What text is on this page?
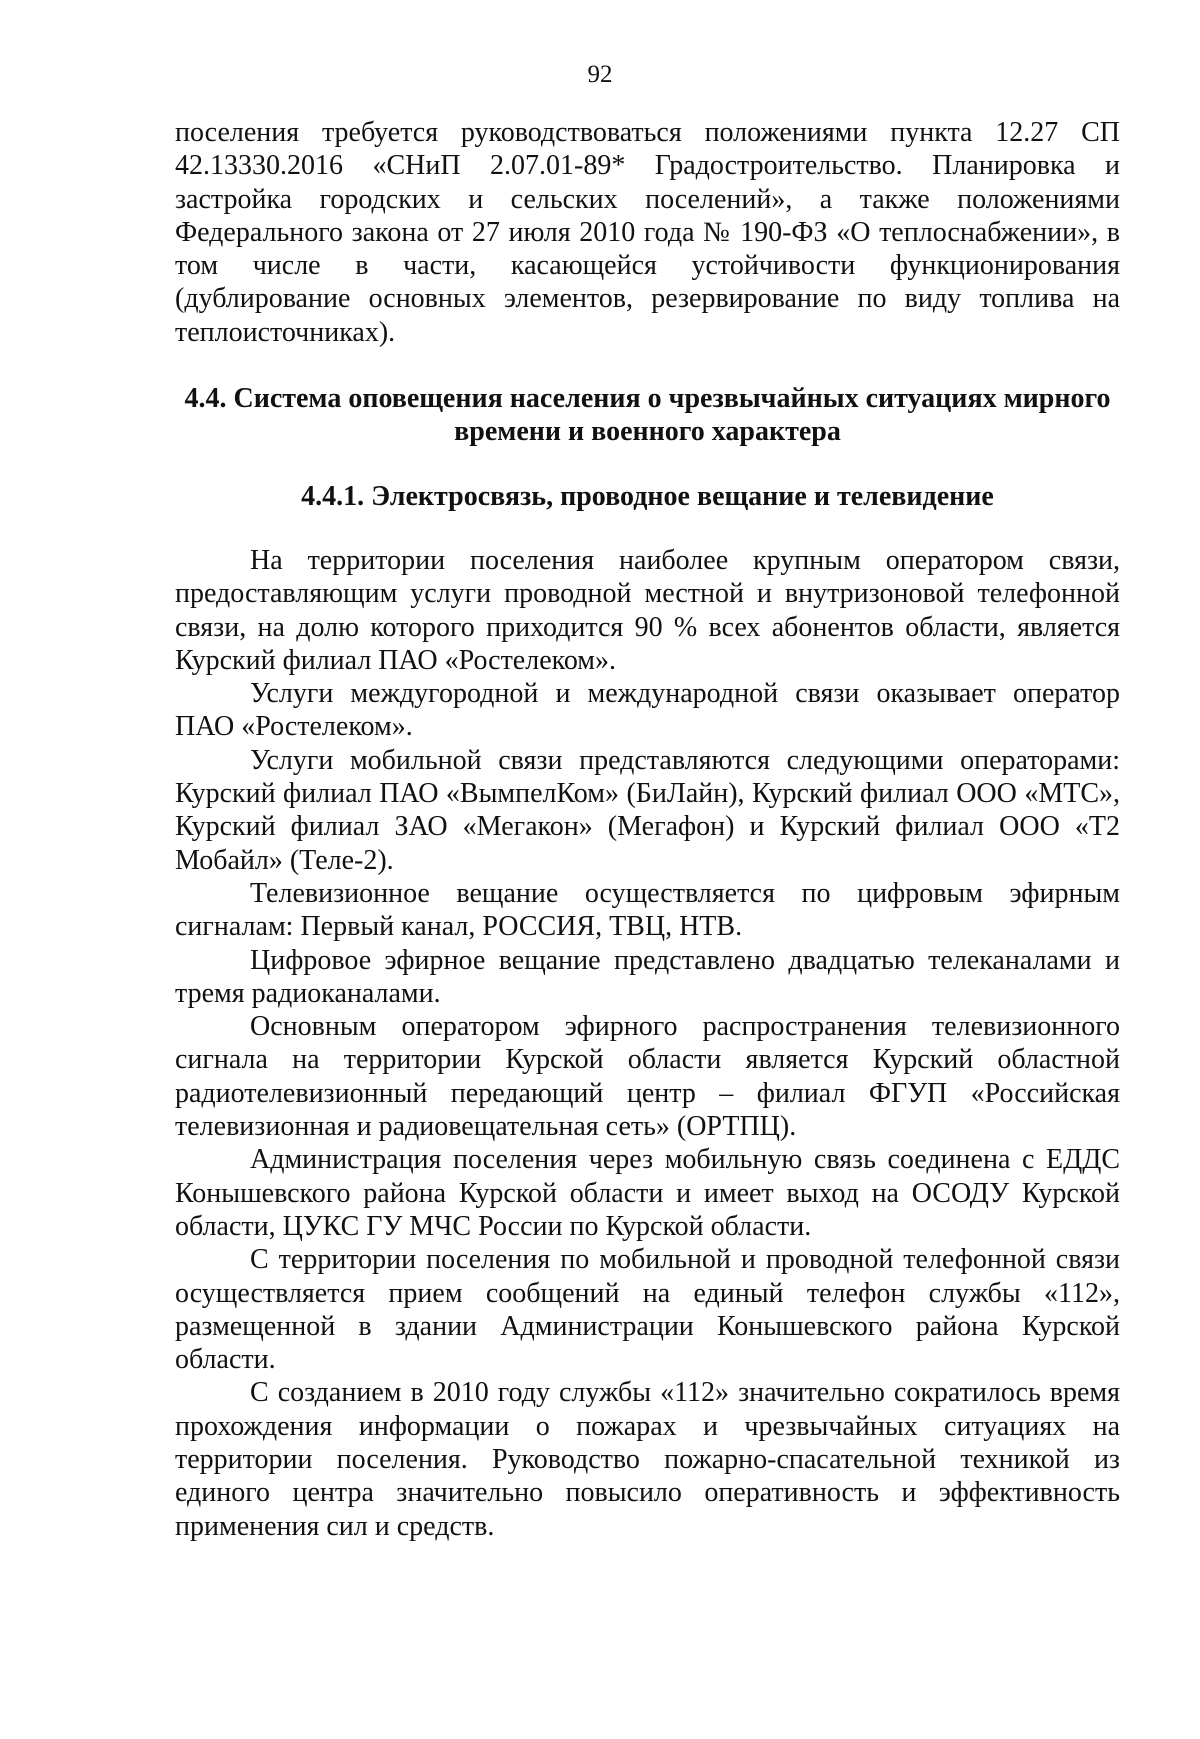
92

поселения требуется руководствоваться положениями пункта 12.27 СП 42.13330.2016 «СНиП 2.07.01-89* Градостроительство. Планировка и застройка городских и сельских поселений», а также положениями Федерального закона от 27 июля 2010 года № 190-ФЗ «О теплоснабжении», в том числе в части, касающейся устойчивости функционирования (дублирование основных элементов, резервирование по виду топлива на теплоисточниках).

4.4. Система оповещения населения о чрезвычайных ситуациях мирного времени и военного характера

4.4.1. Электросвязь, проводное вещание и телевидение

На территории поселения наиболее крупным оператором связи, предоставляющим услуги проводной местной и внутризоновой телефонной связи, на долю которого приходится 90 % всех абонентов области, является Курский филиал ПАО «Ростелеком».

Услуги междугородной и международной связи оказывает оператор ПАО «Ростелеком».

Услуги мобильной связи представляются следующими операторами: Курский филиал ПАО «ВымпелКом» (БиЛайн), Курский филиал ООО «МТС», Курский филиал ЗАО «Мегакон» (Мегафон) и Курский филиал ООО «Т2 Мобайл» (Теле-2).

Телевизионное вещание осуществляется по цифровым эфирным сигналам: Первый канал, РОССИЯ, ТВЦ, НТВ.

Цифровое эфирное вещание представлено двадцатью телеканалами и тремя радиоканалами.

Основным оператором эфирного распространения телевизионного сигнала на территории Курской области является Курский областной радиотелевизионный передающий центр – филиал ФГУП «Российская телевизионная и радиовещательная сеть» (ОРТПЦ).

Администрация поселения через мобильную связь соединена с ЕДДС Конышевского района Курской области и имеет выход на ОСОДУ Курской области, ЦУКС ГУ МЧС России по Курской области.

С территории поселения по мобильной и проводной телефонной связи осуществляется прием сообщений на единый телефон службы «112», размещенной в здании Администрации Конышевского района Курской области.

С созданием в 2010 году службы «112» значительно сократилось время прохождения информации о пожарах и чрезвычайных ситуациях на территории поселения. Руководство пожарно-спасательной техникой из единого центра значительно повысило оперативность и эффективность применения сил и средств.
